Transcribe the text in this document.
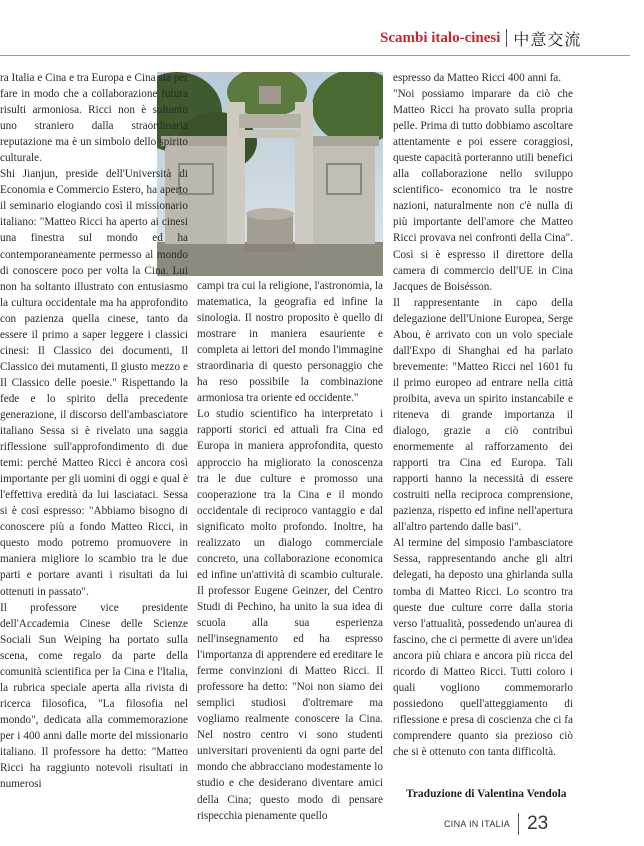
Scambi italo-cinesi 中意交流

ra Italia e Cina e tra Europa e Cina sia per fare in modo che a collaborazione futura risulti armoniosa. Ricci non è soltanto uno straniero dalla straordinaria reputazione ma è un simbolo dello spirito culturale.

Shi Jianjun, preside dell'Università di Economia e Commercio Estero, ha aperto il seminario elogiando così il missionario italiano: "Matteo Ricci ha aperto ai cinesi una finestra sul mondo ed ha contemporaneamente permesso al mondo di conoscere poco per volta la Cina. Lui non ha soltanto illustrato con entusiasmo la cultura occidentale ma ha approfondito con pazienza quella cinese, tanto da essere il primo a saper leggere i classici cinesi: Il Classico dei documenti, Il Classico dei mutamenti, Il giusto mezzo e Il Classico delle poesie." Rispettando la fede e lo spirito della precedente generazione, il discorso dell'ambasciatore italiano Sessa si è rivelato una saggia riflessione sull'approfondimento di due temi: perché Matteo Ricci è ancora così importante per gli uomini di oggi e qual è l'effettiva eredità da lui lasciataci. Sessa si è così espresso: "Abbiamo bisogno di conoscere più a fondo Matteo Ricci, in questo modo potremo promuovere in maniera migliore lo scambio tra le due parti e portare avanti i risultati da lui ottenuti in passato".

Il professore vice presidente dell'Accademia Cinese delle Scienze Sociali Sun Weiping ha portato sulla scena, come regalo da parte della comunità scientifica per la Cina e l'Italia, la rubrica speciale aperta alla rivista di ricerca filosofica, "La filosofia nel mondo", dedicata alla commemorazione per i 400 anni dalle morte del missionario italiano. Il professore ha detto: "Matteo Ricci ha raggiunto notevoli risultati in numerosi

campi tra cui la religione, l'astronomia, la matematica, la geografia ed infine la sinologia. Il nostro proposito è quello di mostrare in maniera esauriente e completa ai lettori del mondo l'immagine straordinaria di questo personaggio che ha reso possibile la combinazione armoniosa tra oriente ed occidente."

Lo studio scientifico ha interpretato i rapporti storici ed attuali fra Cina ed Europa in maniera approfondita, questo approccio ha migliorato la conoscenza tra le due culture e promosso una cooperazione tra la Cina e il mondo occidentale di reciproco vantaggio e dal significato molto profondo. Inoltre, ha realizzato un dialogo commerciale concreto, una collaborazione economica ed infine un'attività di scambio culturale. Il professor Eugene Geinzer, del Centro Studi di Pechino, ha unito la sua idea di scuola alla sua esperienza nell'insegnamento ed ha espresso l'importanza di apprendere ed ereditare le ferme convinzioni di Matteo Ricci. Il professore ha detto: "Noi non siamo dei semplici studiosi d'oltremare ma vogliamo realmente conoscere la Cina. Nel nostro centro vi sono studenti universitari provenienti da ogni parte del mondo che abbracciano modestamente lo studio e che desiderano diventare amici della Cina; questo modo di pensare rispecchia pienamente quello

espresso da Matteo Ricci 400 anni fa.

"Noi possiamo imparare da ciò che Matteo Ricci ha provato sulla propria pelle. Prima di tutto dobbiamo ascoltare attentamente e poi essere coraggiosi, queste capacità porteranno utili benefici alla collaborazione nello sviluppo scientifico- economico tra le nostre nazioni, naturalmente non c'è nulla di più importante dell'amore che Matteo Ricci provava nei confronti della Cina". Così si è espresso il direttore della camera di commercio dell'UE in Cina Jacques de Boisésson.

Il rappresentante in capo della delegazione dell'Unione Europea, Serge Abou, è arrivato con un volo speciale dall'Expo di Shanghai ed ha parlato brevemente: "Matteo Ricci nel 1601 fu il primo europeo ad entrare nella città proibita, aveva un spirito instancabile e riteneva di grande importanza il dialogo, grazie a ciò contribuì enormemente al rafforzamento dei rapporti tra Cina ed Europa. Tali rapporti hanno la necessità di essere costruiti nella reciproca comprensione, pazienza, rispetto ed infine nell'apertura all'altro partendo dalle basi".

Al termine del simposio l'ambasciatore Sessa, rappresentando anche gli altri delegati, ha deposto una ghirlanda sulla tomba di Matteo Ricci. Lo scontro tra queste due culture corre dalla storia verso l'attualità, possedendo un'aurea di fascino, che ci permette di avere un'idea ancora più chiara e ancora più ricca del ricordo di Matteo Ricci. Tutti coloro i quali vogliono commemorarlo possiedono quell'atteggiamento di riflessione e presa di coscienza che ci fa comprendere quanto sia prezioso ciò che si è ottenuto con tanta difficoltà.

Traduzione di Valentina Vendola
CINA IN ITALIA 23
